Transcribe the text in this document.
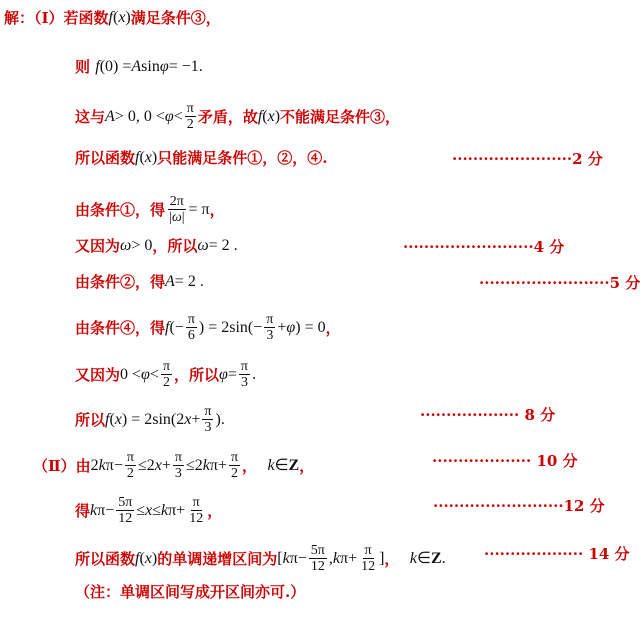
解：（Ⅰ）若函数 f ( x ) 满足条件③，
则
f (0) = A sin φ = −1.
这与 A > 0, $0 < \varphi < \frac{\pi}{2}$ 矛盾，故 f ( x ) 不能满足条件③，
所以函数 f ( x ) 只能满足条件①，②，④.	·······················2 分
由条件①，得 $\frac{2\pi}{|\omega|} = \pi$ ，
又因为 ω > 0 ，所以 ω = 2 .	·························4 分
由条件②，得 A = 2 .	·························5 分
由条件④，得 f (− $\frac{\pi}{6}$ ) = $2\sin(- \frac{\pi}{3} + \varphi$ ) = 0 ，
又因为 $0 < \varphi < \frac{\pi}{2}$ ，所以 $\varphi = \frac{\pi}{3}$ .
所以 f ( x ) = 2sin(2 $x + \frac{\pi}{3}$ ).	··················· 8 分
（Ⅱ）由 2 k $\pi- \frac{\pi}{2} \le 2$ $x + \frac{\pi}{3} \le 2$ k $\pi+ \frac{\pi}{2}$ ，
k ∈ Z ，	··················· 10 分
得 k $\pi- \frac{5\pi}{12} \le x \le k$ $\pi+ \frac{\pi}{12}$ ，	·························12 分
所以函数 f ( x ) 的单调递增区间为 [ k $\pi- \frac{5\pi}{12}$ , k $\pi+ \frac{\pi}{12}$ ] ，
k ∈ Z .	··················· 14 分
（注：单调区间写成开区间亦可.）
